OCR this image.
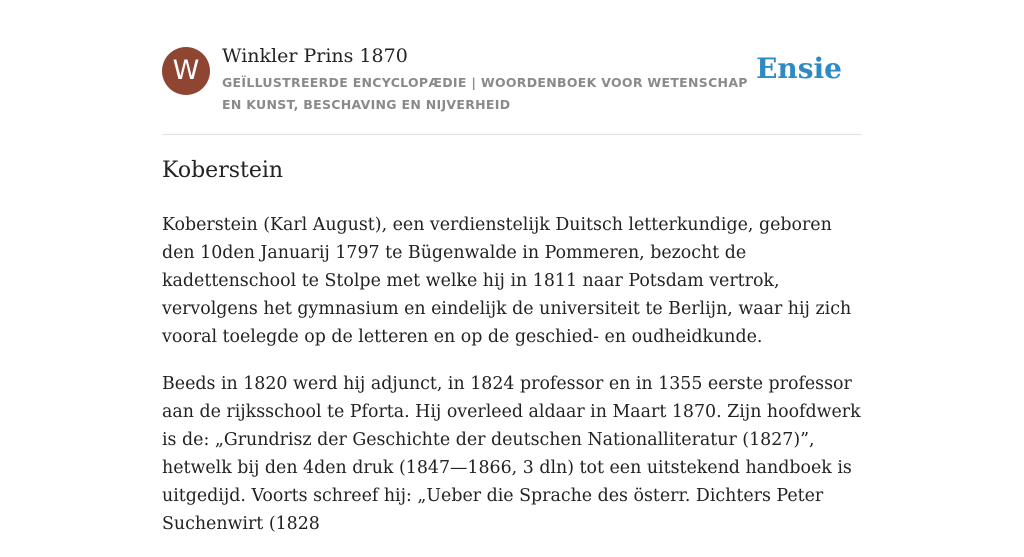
W	Winkler Prins 1870
GEÏLLUSTREERDE ENCYCLOPÆDIE | WOORDENBOEK VOOR WETENSCHAP EN KUNST, BESCHAVING EN NIJVERHEID
Ensie
Koberstein

Koberstein (Karl August), een verdienstelijk Duitsch letterkundige, geboren den 10den Januarij 1797 te Bügenwalde in Pommeren, bezocht de kadettenschool te Stolpe met welke hij in 1811 naar Potsdam vertrok, vervolgens het gymnasium en eindelijk de universiteit te Berlijn, waar hij zich vooral toelegde op de letteren en op de geschied- en oudheidkunde.

Beeds in 1820 werd hij adjunct, in 1824 professor en in 1355 eerste professor aan de rijksschool te Pforta. Hij overleed aldaar in Maart 1870. Zijn hoofdwerk is de: „Grundrisz der Geschichte der deutschen Nationalliteratur (1827)”, hetwelk bij den 4den druk (1847—1866, 3 dln) tot een uitstekend handboek is uitgedijd. Voorts schreef hij: „Ueber die Sprache des österr. Dichters Peter Suchenwirt (1828
